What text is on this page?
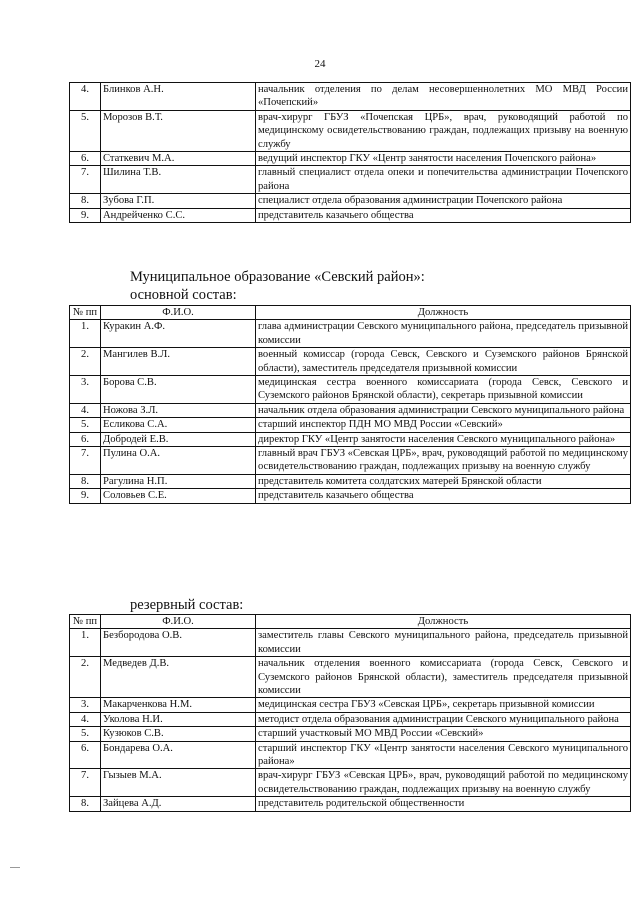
24
4.	Блинков А.Н.	начальник отделения по делам несовершеннолетних МО МВД России «Почепский»
5.	Морозов В.Т.	врач-хирург ГБУЗ «Почепская ЦРБ», врач, руководящий работой по медицинскому освидетельствованию граждан, подлежащих призыву на военную службу
6.	Статкевич М.А.	ведущий инспектор ГКУ «Центр занятости населения Почепского района»
7.	Шилина Т.В.	главный специалист отдела опеки и попечительства администрации Почепского района
8.	Зубова Г.П.	специалист отдела образования администрации Почепского района
9.	Андрейченко С.С.	представитель казачьего общества
Муниципальное образование «Севский район»:
основной состав:
№ пп	Ф.И.О.	Должность
1.	Куракин А.Ф.	глава администрации Севского муниципального района, председатель призывной комиссии
2.	Мангилев В.Л.	военный комиссар (города Севск, Севского и Суземского районов Брянской области), заместитель председателя призывной комиссии
3.	Борова С.В.	медицинская сестра военного комиссариата (города Севск, Севского и Суземского районов Брянской области), секретарь призывной комиссии
4.	Ножова З.Л.	начальник отдела образования администрации Севского муниципального района
5.	Есликова С.А.	старший инспектор ПДН МО МВД России «Севский»
6.	Добродей Е.В.	директор ГКУ «Центр занятости населения Севского муниципального района»
7.	Пулина О.А.	главный врач ГБУЗ «Севская ЦРБ», врач, руководящий работой по медицинскому освидетельствованию граждан, подлежащих призыву на военную службу
8.	Рагулина Н.П.	представитель комитета солдатских матерей Брянской области
9.	Соловьев С.Е.	представитель казачьего общества
резервный состав:
№ пп	Ф.И.О.	Должность
1.	Безбородова О.В.	заместитель главы Севского муниципального района, председатель призывной комиссии
2.	Медведев Д.В.	начальник отделения военного комиссариата (города Севск, Севского и Суземского районов Брянской области), заместитель председателя призывной комиссии
3.	Макарченкова Н.М.	медицинская сестра ГБУЗ «Севская ЦРБ», секретарь призывной комиссии
4.	Уколова Н.И.	методист отдела образования администрации Севского муниципального района
5.	Кузюков С.В.	старший участковый МО МВД России «Севский»
6.	Бондарева О.А.	старший инспектор ГКУ «Центр занятости населения Севского муниципального района»
7.	Гызыев М.А.	врач-хирург ГБУЗ «Севская ЦРБ», врач, руководящий работой по медицинскому освидетельствованию граждан, подлежащих призыву на военную службу
8.	Зайцева А.Д.	представитель родительской общественности
